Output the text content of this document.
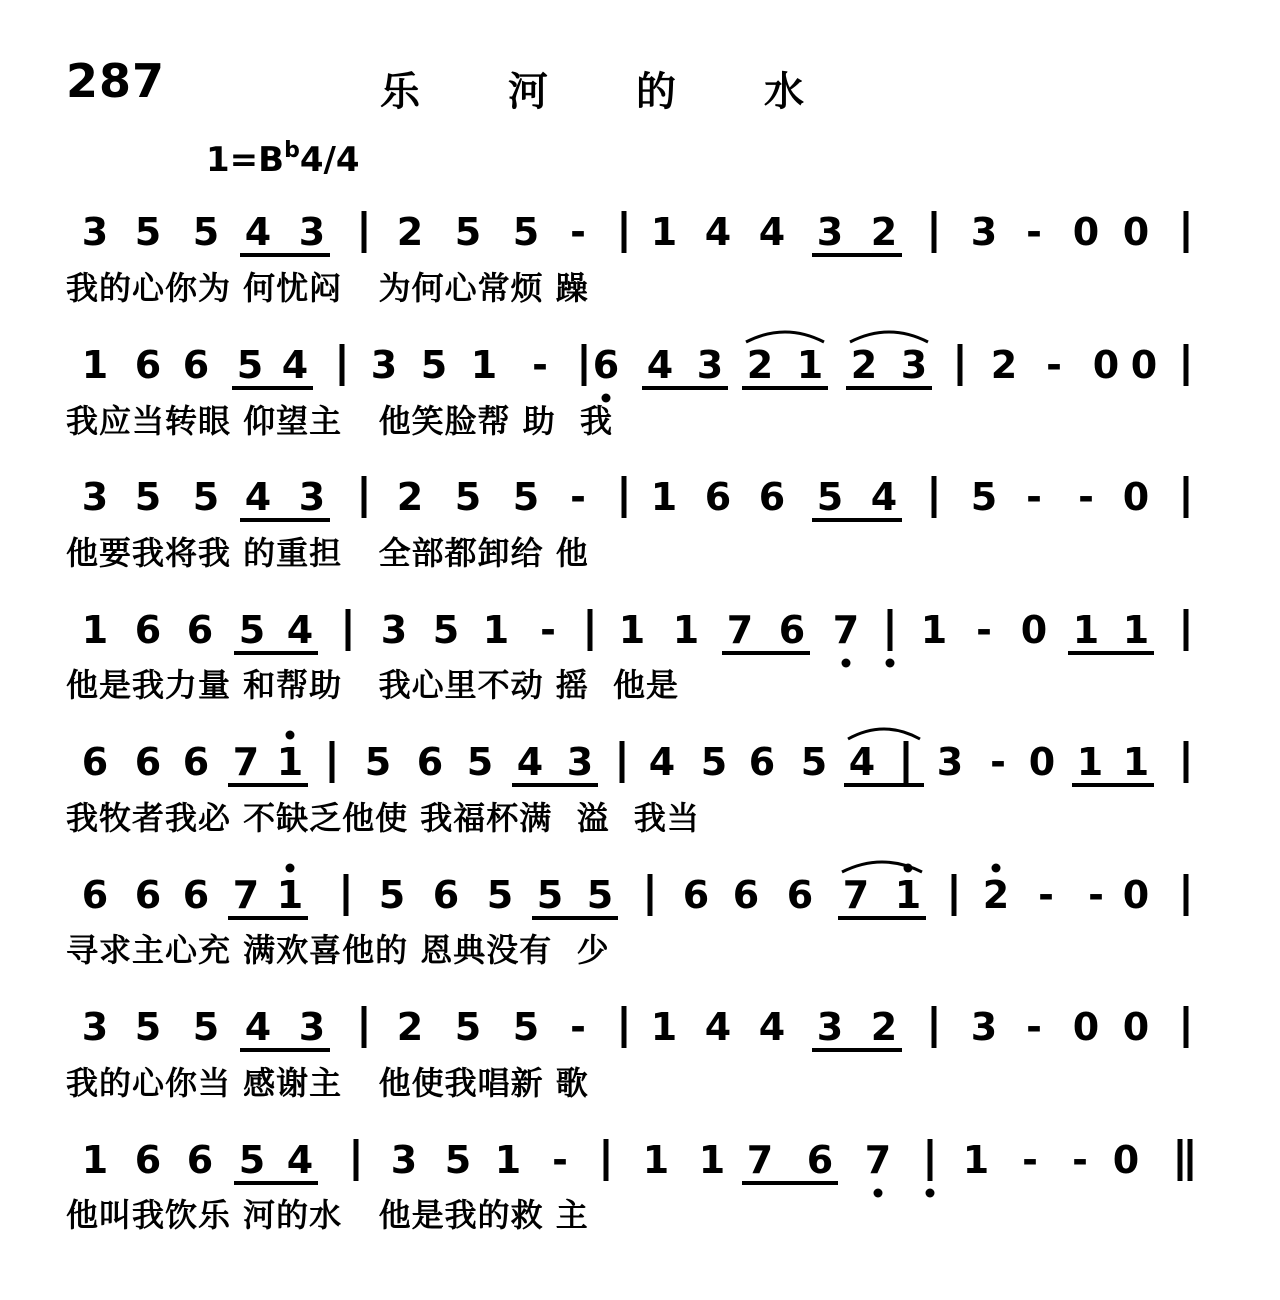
287	乐河的水
$1=B^b4/4$
3 5 5 4 3 2 5 5 - 1 4 4 3 2 3 - 0 0
我的心你为 何忧闷   为何心常烦 躁
1 6 6 5 4 3 5 1 - 6 4 3 2 1 2 3 2 - 0 0
我应当转眼 仰望主   他笑脸帮 助  我
3 5 5 4 3 2 5 5 - 1 6 6 5 4 5 - - 0
他要我将我 的重担   全部都卸给 他
1 6 6 5 4 3 5 1 - 1 1 7 6 7 1 - 0 1 1
他是我力量 和帮助   我心里不动 摇  他是
6 6 6 7 1 5 6 5 4 3 4 5 6 5 4 3 - 0 1 1
我牧者我必 不缺乏他使 我福杯满  溢  我当
6 6 6 7 1 5 6 5 5 5 6 6 6 7 1 2 - - 0
寻求主心充 满欢喜他的 恩典没有  少
3 5 5 4 3 2 5 5 - 1 4 4 3 2 3 - 0 0
我的心你当 感谢主   他使我唱新 歌
1 6 6 5 4 3 5 1 - 1 1 7 6 7 1 - - 0
他叫我饮乐 河的水   他是我的救 主
